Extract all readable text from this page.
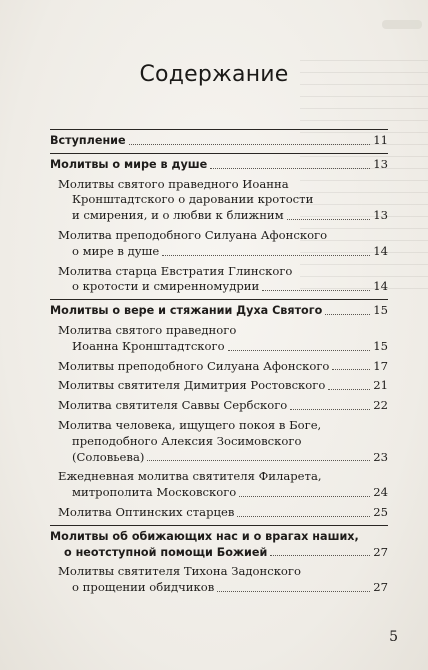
Содержание
Вступление	11
Молитвы о мире в душе	13
Молитвы святого праведного Иоанна
Кронштадтского о даровании кротости
и смирения, и о любви к ближним	13
Молитва преподобного Силуана Афонского
о мире в душе	14
Молитва старца Евстратия Глинского
о кротости и смиренномудрии	14
Молитвы о вере и стяжании Духа Святого	15
Молитва святого праведного
Иоанна Кронштадтского	15
Молитвы преподобного Силуана Афонского	17
Молитвы святителя Димитрия Ростовского	21
Молитва святителя Саввы Сербского	22
Молитва человека, ищущего покоя в Боге,
преподобного Алексия Зосимовского
(Соловьева)	23
Ежедневная молитва святителя Филарета,
митрополита Московского	24
Молитва Оптинских старцев	25
Молитвы об обижающих нас и о врагах наших,
о неотступной помощи Божией	27
Молитвы святителя Тихона Задонского
о прощении обидчиков	27
5
